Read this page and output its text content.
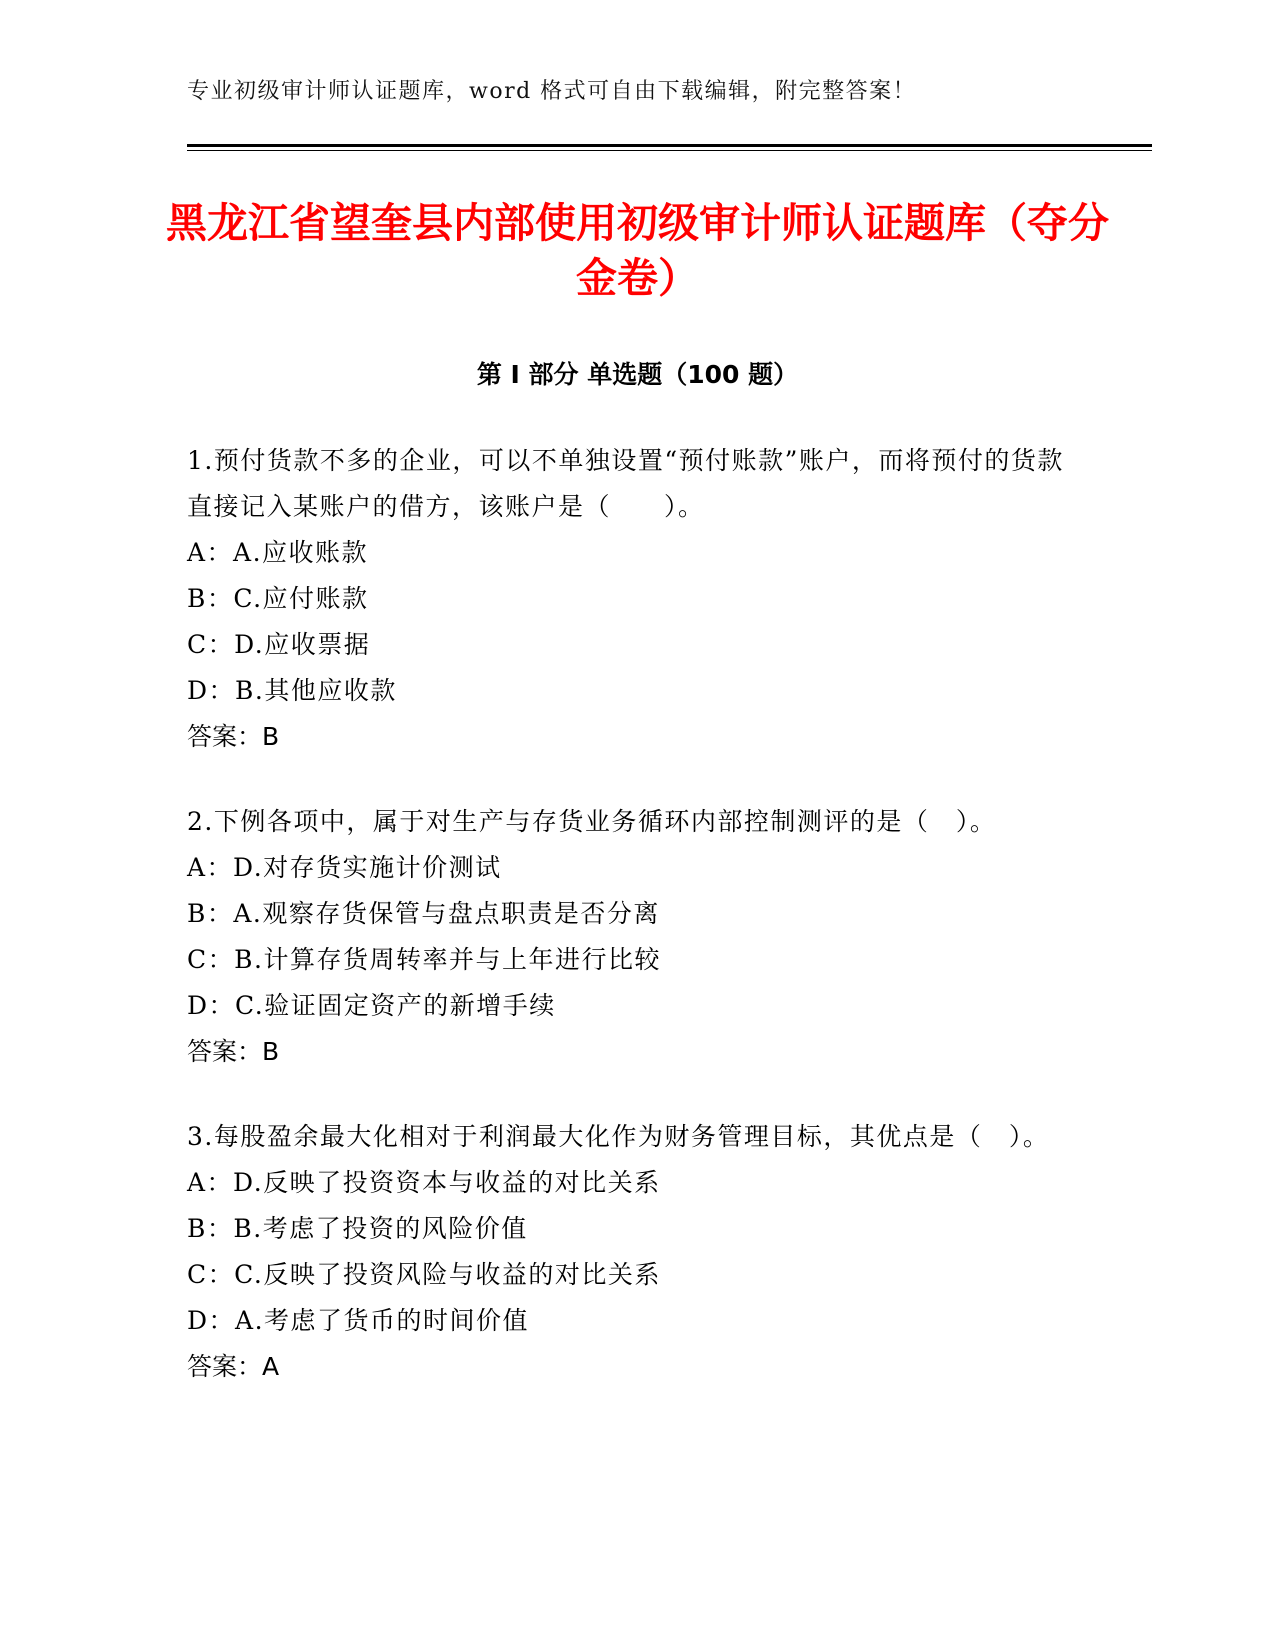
专业初级审计师认证题库，word 格式可自由下载编辑，附完整答案！
黑龙江省望奎县内部使用初级审计师认证题库（夺分金卷）
第 I 部分 单选题（100 题）
1.预付货款不多的企业，可以不单独设置“预付账款”账户，而将预付的货款直接记入某账户的借方，该账户是（　　）。
A：A.应收账款
B：C.应付账款
C：D.应收票据
D：B.其他应收款
答案：B
2.下例各项中，属于对生产与存货业务循环内部控制测评的是（　）。
A：D.对存货实施计价测试
B：A.观察存货保管与盘点职责是否分离
C：B.计算存货周转率并与上年进行比较
D：C.验证固定资产的新增手续
答案：B
3.每股盈余最大化相对于利润最大化作为财务管理目标，其优点是（　）。
A：D.反映了投资资本与收益的对比关系
B：B.考虑了投资的风险价值
C：C.反映了投资风险与收益的对比关系
D：A.考虑了货币的时间价值
答案：A
